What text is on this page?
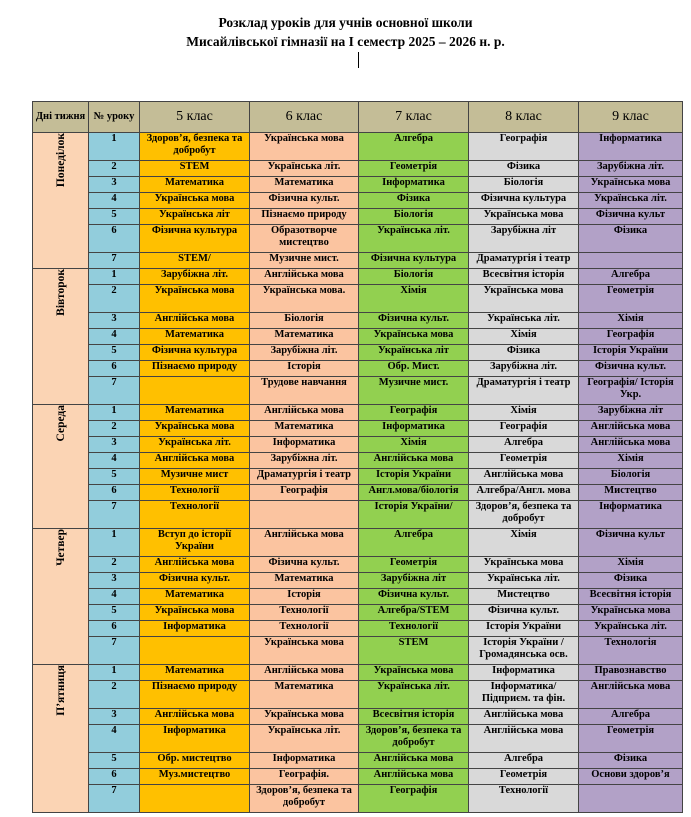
Розклад уроків для учнів основної школи
Мисайлівської гімназії на І семестр 2025 – 2026 н. р.
Дні тижня	№ уроку	5 клас	6 клас	7 клас	8 клас	9 клас

Понеділок	1	Здоров’я, безпека та добробут	Українська мова	Алгебра	Географія	Інформатика
	2	STEM	Українська літ.	Геометрія	Фізика	Зарубіжна літ.
	3	Математика	Математика	Інформатика	Біологія	Українська мова
	4	Українська мова	Фізична культ.	Фізика	Фізична культура	Українська літ.
	5	Українська літ	Пізнаємо природу	Біологія	Українська мова	Фізична культ
	6	Фізична культура	Образотворче мистецтво	Українська літ.	Зарубіжна літ	Фізика
	7	STEM/	Музичне мист.	Фізична культура	Драматургія і театр	

Вівторок	1	Зарубіжна літ.	Англійська мова	Біологія	Всесвітня історія	Алгебра
	2	Українська мова	Українська мова.	Хімія	Українська мова	Геометрія
	3	Англійська мова	Біологія	Фізична культ.	Українська літ.	Хімія
	4	Математика	Математика	Українська мова	Хімія	Географія
	5	Фізична культура	Зарубіжна літ.	Українська літ	Фізика	Історія України
	6	Пізнаємо природу	Історія	Обр. Мист.	Зарубіжна літ.	Фізична культ.
	7		Трудове навчання	Музичне мист.	Драматургія і театр	Географія/ Історія Укр.

Середа	1	Математика	Англійська мова	Географія	Хімія	Зарубіжна літ
	2	Українська мова	Математика	Інформатика	Географія	Англійська мова
	3	Українська літ.	Інформатика	Хімія	Алгебра	Англійська мова
	4	Англійська мова	Зарубіжна літ.	Англійська мова	Геометрія	Хімія
	5	Музичне мист	Драматургія і театр	Історія України	Англійська мова	Біологія
	6	Технології	Географія	Англ.мова/біологія	Алгебра/Англ. мова	Мистецтво
	7	Технології		Історія України/	Здоров’я, безпека та добробут	Інформатика

Четвер	1	Вступ до історії України	Англійська мова	Алгебра	Хімія	Фізична культ
	2	Англійська мова	Фізична культ.	Геометрія	Українська мова	Хімія
	3	Фізична культ.	Математика	Зарубіжна літ	Українська літ.	Фізика
	4	Математика	Історія	Фізична культ.	Мистецтво	Всесвітня історія
	5	Українська мова	Технології	Алгебра/STEM	Фізична культ.	Українська мова
	6	Інформатика	Технології	Технології	Історія України	Українська літ.
	7		Українська мова	STEM	Історія України /Громадянська осв.	Технологія

П’ятниця	1	Математика	Англійська мова	Українська мова	Інформатика	Правознавство
	2	Пізнаємо природу	Математика	Українська літ.	Інформатика/ Підприєм. та фін.	Англійська мова
	3	Англійська мова	Українська мова	Всесвітня історія	Англійська мова	Алгебра
	4	Інформатика	Українська літ.	Здоров’я, безпека та добробут	Англійська мова	Геометрія
	5	Обр. мистецтво	Інформатика	Англійська мова	Алгебра	Фізика
	6	Муз.мистецтво	Географія.	Англійська мова	Геометрія	Основи здоров’я
	7		Здоров’я, безпека та добробут	Географія	Технології	
